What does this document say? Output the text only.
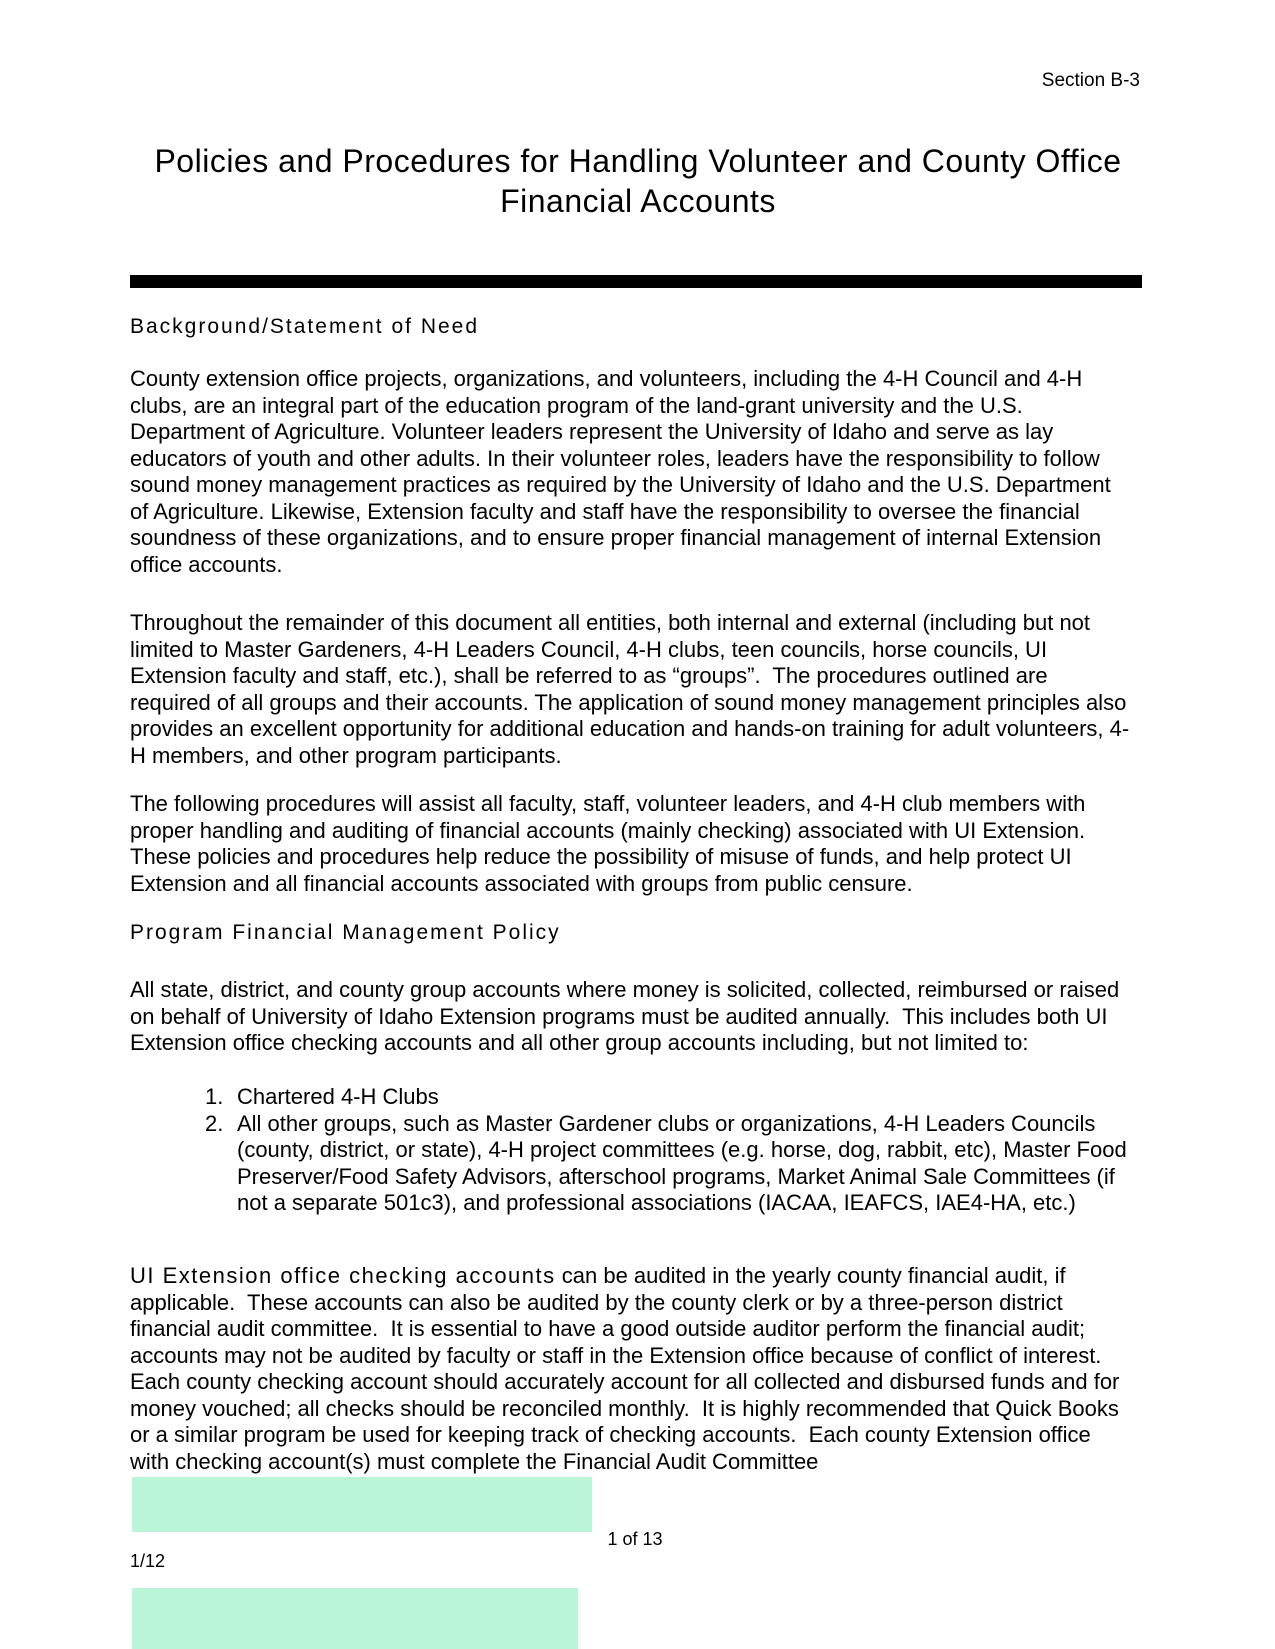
Section B-3
Policies and Procedures for Handling Volunteer and County Office Financial Accounts
Background/Statement of Need

County extension office projects, organizations, and volunteers, including the 4-H Council and 4-H clubs, are an integral part of the education program of the land-grant university and the U.S. Department of Agriculture. Volunteer leaders represent the University of Idaho and serve as lay educators of youth and other adults. In their volunteer roles, leaders have the responsibility to follow sound money management practices as required by the University of Idaho and the U.S. Department of Agriculture. Likewise, Extension faculty and staff have the responsibility to oversee the financial soundness of these organizations, and to ensure proper financial management of internal Extension office accounts.

Throughout the remainder of this document all entities, both internal and external (including but not limited to Master Gardeners, 4-H Leaders Council, 4-H clubs, teen councils, horse councils, UI Extension faculty and staff, etc.), shall be referred to as “groups”.  The procedures outlined are required of all groups and their accounts. The application of sound money management principles also provides an excellent opportunity for additional education and hands-on training for adult volunteers, 4-H members, and other program participants.

The following procedures will assist all faculty, staff, volunteer leaders, and 4-H club members with proper handling and auditing of financial accounts (mainly checking) associated with UI Extension. These policies and procedures help reduce the possibility of misuse of funds, and help protect UI Extension and all financial accounts associated with groups from public censure.

Program Financial Management Policy

All state, district, and county group accounts where money is solicited, collected, reimbursed or raised on behalf of University of Idaho Extension programs must be audited annually.  This includes both UI Extension office checking accounts and all other group accounts including, but not limited to:

1. Chartered 4-H Clubs
2. All other groups, such as Master Gardener clubs or organizations, 4-H Leaders Councils (county, district, or state), 4-H project committees (e.g. horse, dog, rabbit, etc), Master Food Preserver/Food Safety Advisors, afterschool programs, Market Animal Sale Committees (if not a separate 501c3), and professional associations (IACAA, IEAFCS, IAE4-HA, etc.)

UI Extension office checking accounts can be audited in the yearly county financial audit, if applicable.  These accounts can also be audited by the county clerk or by a three-person district financial audit committee.  It is essential to have a good outside auditor perform the financial audit; accounts may not be audited by faculty or staff in the Extension office because of conflict of interest.  Each county checking account should accurately account for all collected and disbursed funds and for money vouched; all checks should be reconciled monthly.  It is highly recommended that Quick Books or a similar program be used for keeping track of checking accounts.  Each county Extension office with checking account(s) must complete the Financial Audit Committee

1 of 13
1/12
